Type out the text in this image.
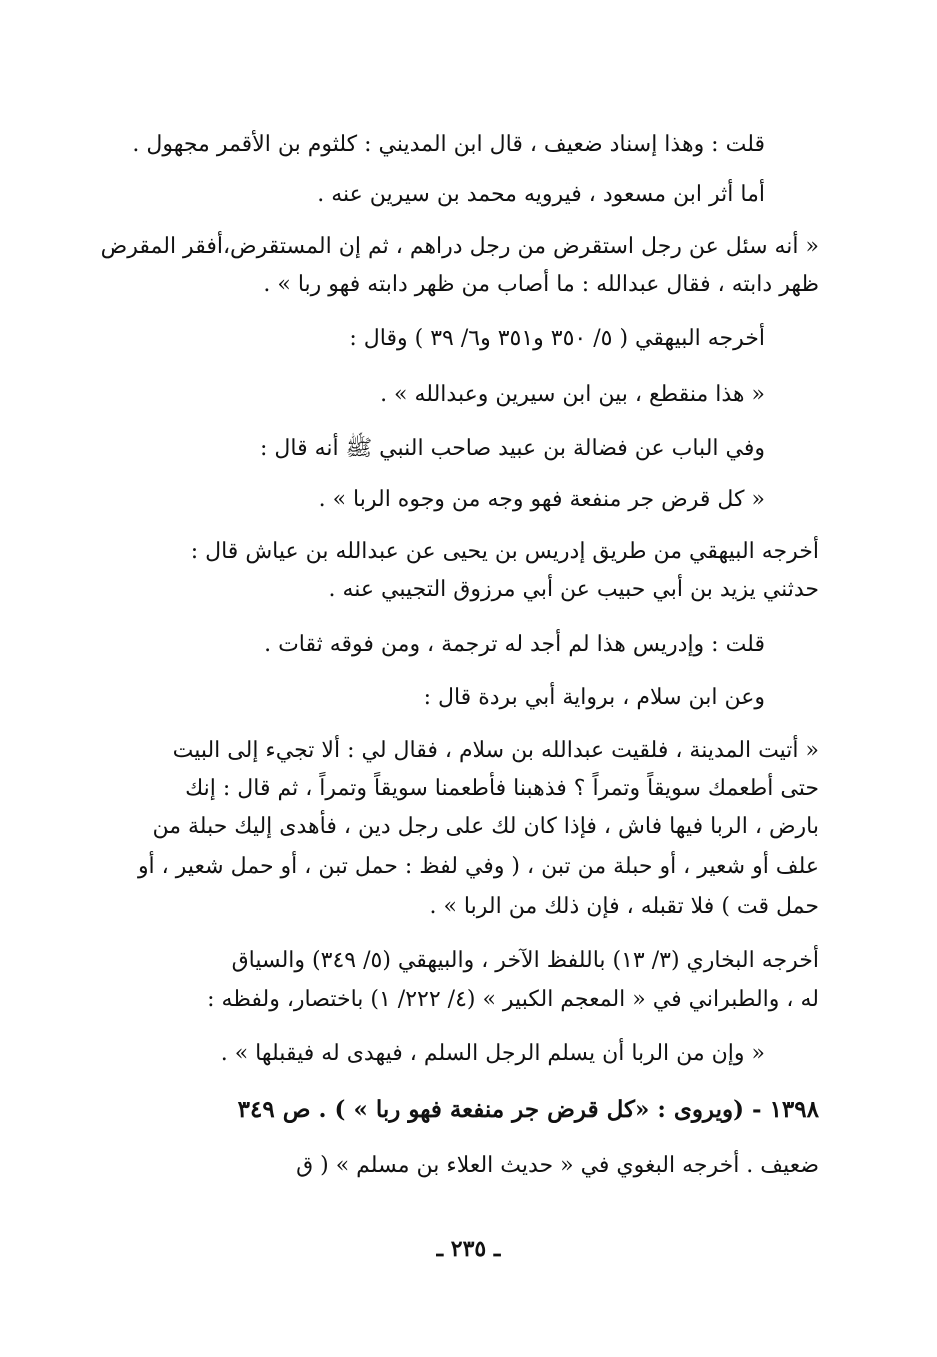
قلت : وهذا إسناد ضعيف ، قال ابن المديني : كلثوم بن الأقمر مجهول .
أما أثر ابن مسعود ، فيرويه محمد بن سيرين عنه .
« أنه سئل عن رجل استقرض من رجل دراهم ، ثم إن المستقرض،أفقر المقرض
ظهر دابته ، فقال عبدالله : ما أصاب من ظهر دابته فهو ربا » .
أخرجه البيهقي ( ٥/ ٣٥٠ و٣٥١ و٦/ ٣٩ ) وقال :
« هذا منقطع ، بين ابن سيرين وعبدالله » .
وفي الباب عن فضالة بن عبيد صاحب النبي ﷺ أنه قال :
« كل قرض جر منفعة فهو وجه من وجوه الربا » .
أخرجه البيهقي من طريق إدريس بن يحيى عن عبدالله بن عياش قال :
حدثني يزيد بن أبي حبيب عن أبي مرزوق التجيبي عنه .
قلت : وإدريس هذا لم أجد له ترجمة ، ومن فوقه ثقات .
وعن ابن سلام ، برواية أبي بردة قال :
« أتيت المدينة ، فلقيت عبدالله بن سلام ، فقال لي : ألا تجيء إلى البيت
حتى أطعمك سويقاً وتمراً ؟ فذهبنا فأطعمنا سويقاً وتمراً ، ثم قال : إنك
بارض ، الربا فيها فاش ، فإذا كان لك على رجل دين ، فأهدى إليك حبلة من
علف أو شعير ، أو حبلة من تبن ، ( وفي لفظ : حمل تبن ، أو حمل شعير ، أو
حمل قت ) فلا تقبله ، فإن ذلك من الربا » .
أخرجه البخاري (٣/ ١٣) باللفظ الآخر ، والبيهقي (٥/ ٣٤٩) والسياق
له ، والطبراني في « المعجم الكبير » (٤/ ٢٢٢/ ١) باختصار، ولفظه :
« وإن من الربا أن يسلم الرجل السلم ، فيهدى له فيقبلها » .
١٣٩٨ - (ويروى : «كل قرض جر منفعة فهو ربا » ) . ص ٣٤٩
ضعيف . أخرجه البغوي في « حديث العلاء بن مسلم » ( ق
ـ ٢٣٥ ـ
